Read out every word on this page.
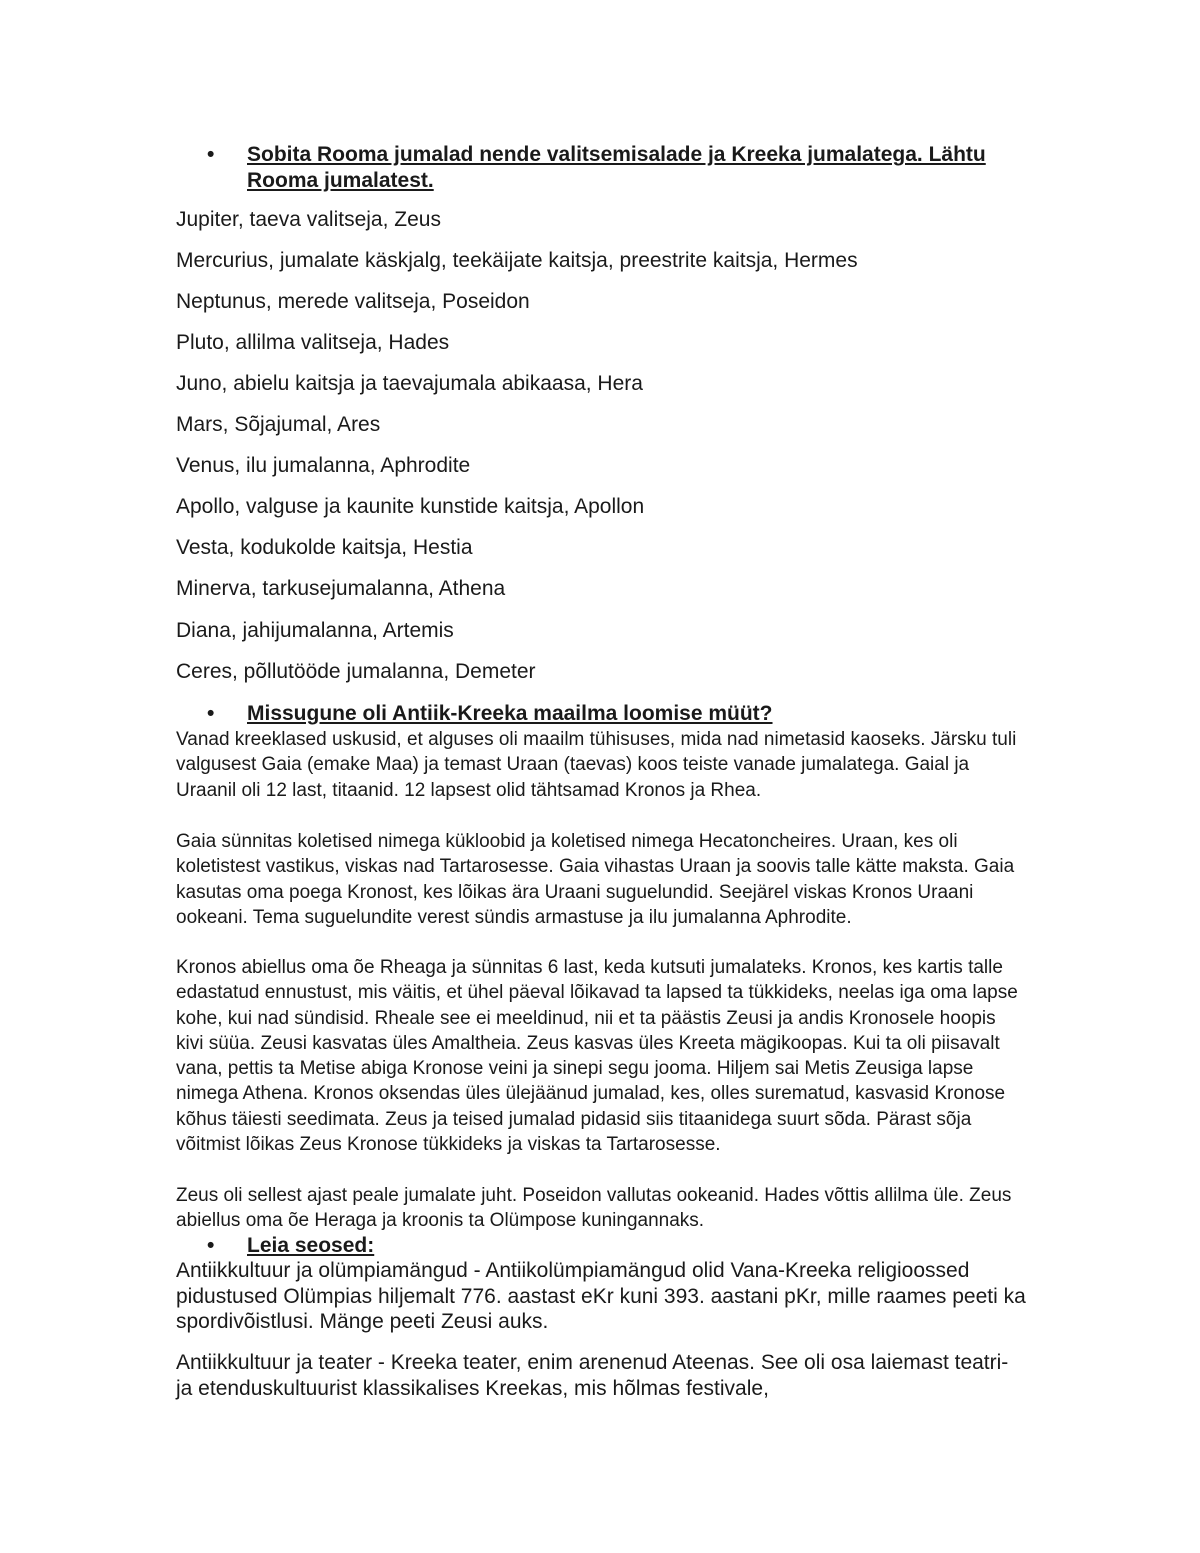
•	Sobita Rooma jumalad nende valitsemisalade ja Kreeka jumalatega. Lähtu Rooma jumalatest.
Jupiter, taeva valitseja, Zeus
Mercurius, jumalate käskjalg, teekäijate kaitsja, preestrite kaitsja, Hermes
Neptunus, merede valitseja, Poseidon
Pluto, allilma valitseja, Hades
Juno, abielu kaitsja ja taevajumala abikaasa, Hera
Mars, Sõjajumal, Ares
Venus, ilu jumalanna, Aphrodite
Apollo, valguse ja kaunite kunstide kaitsja, Apollon
Vesta, kodukolde kaitsja, Hestia
Minerva, tarkusejumalanna, Athena
Diana, jahijumalanna, Artemis
Ceres, põllutööde jumalanna, Demeter
•	Missugune oli Antiik-Kreeka maailma loomise müüt?

Vanad kreeklased uskusid, et alguses oli maailm tühisuses, mida nad nimetasid kaoseks. Järsku tuli valgusest Gaia (emake Maa) ja temast Uraan (taevas) koos teiste vanade jumalatega. Gaial ja Uraanil oli 12 last, titaanid. 12 lapsest olid tähtsamad Kronos ja Rhea.

Gaia sünnitas koletised nimega kükloobid ja koletised nimega Hecatoncheires. Uraan, kes oli koletistest vastikus, viskas nad Tartarosesse. Gaia vihastas Uraan ja soovis talle kätte maksta. Gaia kasutas oma poega Kronost, kes lõikas ära Uraani suguelundid. Seejärel viskas Kronos Uraani ookeani. Tema suguelundite verest sündis armastuse ja ilu jumalanna Aphrodite.

Kronos abiellus oma õe Rheaga ja sünnitas 6 last, keda kutsuti jumalateks. Kronos, kes kartis talle edastatud ennustust, mis väitis, et ühel päeval lõikavad ta lapsed ta tükkideks, neelas iga oma lapse kohe, kui nad sündisid. Rheale see ei meeldinud, nii et ta päästis Zeusi ja andis Kronosele hoopis kivi süüa. Zeusi kasvatas üles Amaltheia. Zeus kasvas üles Kreeta mägikoopas. Kui ta oli piisavalt vana, pettis ta Metise abiga Kronose veini ja sinepi segu jooma. Hiljem sai Metis Zeusiga lapse nimega Athena. Kronos oksendas üles ülejäänud jumalad, kes, olles surematud, kasvasid Kronose kõhus täiesti seedimata. Zeus ja teised jumalad pidasid siis titaanidega suurt sõda. Pärast sõja võitmist lõikas Zeus Kronose tükkideks ja viskas ta Tartarosesse.

Zeus oli sellest ajast peale jumalate juht. Poseidon vallutas ookeanid. Hades võttis allilma üle. Zeus abiellus oma õe Heraga ja kroonis ta Olümpose kuningannaks.

•	Leia seosed:

Antiikkultuur ja olümpiamängud - Antiikolümpiamängud olid Vana-Kreeka religioossed pidustused Olümpias hiljemalt 776. aastast eKr kuni 393. aastani pKr, mille raames peeti ka spordivõistlusi. Mänge peeti Zeusi auks.

Antiikkultuur ja teater - Kreeka teater, enim arenenud Ateenas. See oli osa laiemast teatri- ja etenduskultuurist klassikalises Kreekas, mis hõlmas festivale,
